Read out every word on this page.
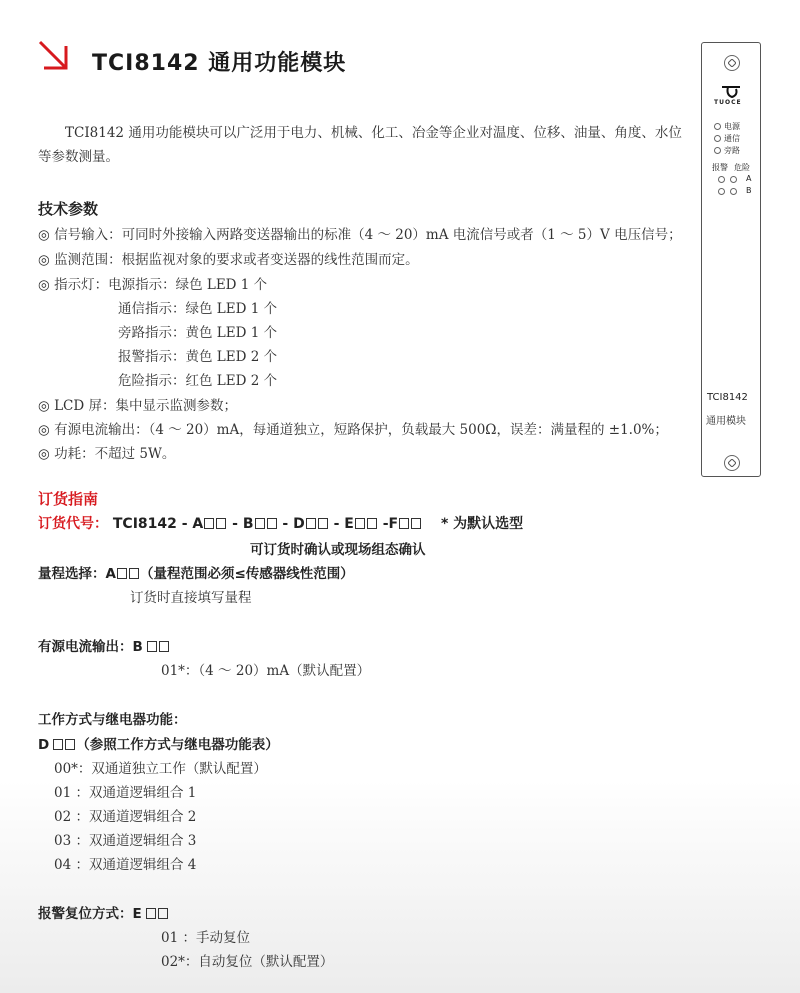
TCI8142 通用功能模块
TCI8142 通用功能模块可以广泛用于电力、机械、化工、冶金等企业对温度、位移、油量、角度、水位等参数测量。
技术参数
◎ 信号输入：可同时外接输入两路变送器输出的标准（4 ～ 20）mA 电流信号或者（1 ～ 5）V 电压信号；
◎ 监测范围：根据监视对象的要求或者变送器的线性范围而定。
◎ 指示灯：电源指示：绿色 LED 1 个
通信指示：绿色 LED 1 个
旁路指示：黄色 LED 1 个
报警指示：黄色 LED 2 个
危险指示：红色 LED 2 个
◎ LCD 屏：集中显示监测参数；
◎ 有源电流输出：（4 ～ 20）mA，每通道独立，短路保护，负载最大 500Ω，误差：满量程的 ±1.0%；
◎ 功耗：不超过 5W。
订货指南
订货代号： TCI8142 - A - B - D - E -F	* 为默认选型
可订货时确认或现场组态确认
量程选择：A （量程范围必须≤传感器线性范围）
订货时直接填写量程
有源电流输出：B
01*：（4 ～ 20）mA（默认配置）
工作方式与继电器功能：
D （参照工作方式与继电器功能表）
00*：双通道独立工作（默认配置）
01 ：双通道逻辑组合 1
02 ：双通道逻辑组合 2
03 ：双通道逻辑组合 3
04 ：双通道逻辑组合 4
报警复位方式：E
01 ：手动复位
02*：自动复位（默认配置）
TUOCE
电源
通信
旁路
报警 危险
A
B
TCI8142
通用模块
